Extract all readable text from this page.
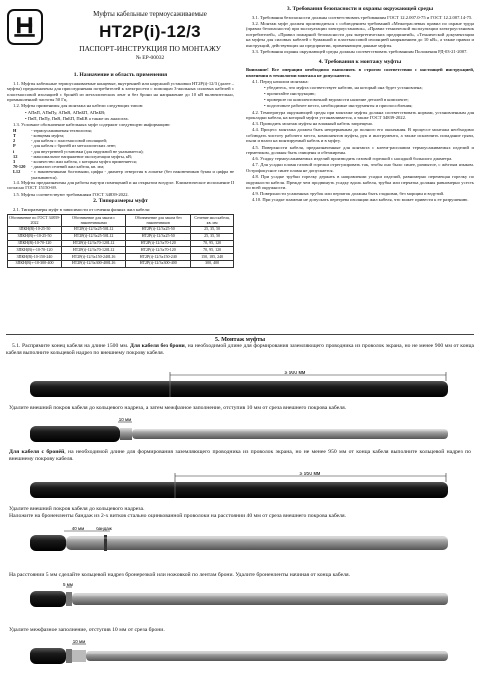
Муфты кабельные термоусаживаемые
НТ2Р(i)-12/3
ПАСПОРТ-ИНСТРУКЦИЯ ПО МОНТАЖУ
№ ЕР-00032
1. Назначение и область применения
1.1. Муфты кабельные термоусаживаемые концевые, внутренней или наружной установки НТ2Р(i)-12/3 (далее – муфты) предназначены для присоединения потребителей к электросети с помощью 3-жильных силовых кабелей с пластмассовой изоляцией с бронёй из металлических лент и без брони на напряжение до 10 кВ включительно, промышленной частоты 50 Гц.
1.2. Муфты применимы для монтажа на кабели следующих типов:
• АПвП, АПвПу, АПвВ, АПвБП, АПвБВ;
• ПвП, ПвПу, ПвВ, ПвБП, ПвБВ а также их аналогах.
1.3. Условное обозначение кабельных муфт содержит следующую информацию:
Н	- термоусаживаемая технология;
Т	- концевая муфта;
2	- для кабеля с пластмассовой изоляцией;
Р	- для кабеля с бронёй из металлических лент;
i	- для внутренней установки (для наружной не указывается);
12	- максимальное напряжение эксплуатации муфты, кВ;
3	- количество жил кабеля, с которым муфта применяется;
70-120	- диапазон сечений жил кабеля, кв. мм;
L12	- с наконечниками болтовыми, цифра - диаметр отверстия в лопатке (без наконечников буква и цифра не указываются).
1.4. Муфты предназначены для работы внутри помещений и на открытом воздухе. Климатическое исполнение II согласно ГОСТ 15150-69.
1.5. Муфты соответствуют требованиям ГОСТ 34839-2022.
2. Типоразмеры муфт
2.1. Типоразмеры муфт в зависимости от сечения фазных жил кабеля:
Обозначение по ГОСТ 34839-2022	Обозначение для заказа с наконечниками	Обозначение для заказа без наконечников	Сечение жил кабеля, кв. мм
3ПКН(В)-10-25-50	НТ2Р(i)-12/3х25-50L12	НТ2Р(i)-12/3х25-50	25, 35, 50
3ПКН(В)+-10-25-50	НТ2Р(i)-12/3х25-50L12	НТ2Р(i)-12/3х25-50	25, 35, 50
3ПКН(В)-10-70-120	НТ2Р(i)-12/3х70-120L12	НТ2Р(i)-12/3х70-120	70, 95, 120
3ПКН(В)+-10-70-120	НТ2Р(i)-12/3х70-120L12	НТ2Р(i)-12/3х70-120	70, 95, 120
3ПКН(В)-10-150-240	НТ2Р(i)-12/3х150-240L16	НТ2Р(i)-12/3х150-240	150, 185, 240
3ПКН(В)+-10-300-400	НТ2Р(i)-12/3х300-400L16	НТ2Р(i)-12/3х300-400	300, 400
3. Требования безопасности и охраны окружающей среды
3.1. Требования безопасности должны соответствовать требованиям ГОСТ 12.2.007.0-75 и ГОСТ 12.2.007.14-75.
3.2. Монтаж муфт должен производиться с соблюдением требований «Межотраслевых правил по охране труда (правил безопасности) при эксплуатации электроустановок», «Правил технической эксплуатации электроустановок потребителей», «Правил пожарной безопасности для энергетических предприятий», «Технической документации на муфты для силовых кабелей с бумажной и пластмассовой изоляцией напряжением до 10 кВ», а также правил и инструкций, действующих на предприятии, применяющем данные муфты.
3.3. Требования охраны окружающей среды должны соответствовать требованиям Положения РД-03-21-2007.
4. Требования к монтажу муфты
Внимание! Все операции необходимо выполнять в строгом соответствии с настоящей инструкцией, изменения в технологии монтажа не допускаются.
4.1. Перед началом монтажа:
• убедитесь, что муфта соответствует кабелю, на который она будет установлена;
• прочитайте инструкцию;
• проверьте по комплектовочной ведомости наличие деталей в комплекте;
• подготовьте рабочее место, необходимые инструменты и приспособления;
4.2. Температура окружающей среды при монтаже муфты должна соответствовать нормам, установленным для прокладки кабеля, на который муфта устанавливается, а также ГОСТ 34839-2022.
4.3. Проводить монтаж муфты на влажный кабель запрещено.
4.4. Процесс монтажа должен быть непрерывным до полного его окончания. В процессе монтажа необходимо соблюдать чистоту рабочего места, компонентов муфты, рук и инструмента, а также исключить попадание грязи, пыли и влаги на монтируемый кабель и в муфту.
4.5. Поверхности кабеля, предназначенные для контакта с клеем-расплавом термоусаживаемых изделий и герметиком, должны быть очищены и обезжирены.
4.6. Усадку термоусаживаемых изделий производить газовой горелкой с насадкой большого диаметра.
4.7. Для усадки пламя газовой горелки отрегулировать так, чтобы оно было синее, размытое, с жёлтым языком. Острофокусное синее пламя не допускается.
4.8. При усадке трубки горелку держать в направлении усадки изделий, равномерно перемещая горелку по окружности кабеля. Прежде чем продвинуть усадку вдоль кабеля, трубка или перчатка должны равномерно усесть по всей окружности.
4.9. Поверхности усаженных трубок или перчаток должны быть гладкими, без морщин и вздутий.
4.10. При усадке пламени не допускать перегрева изоляции жил кабеля, что может привести к ее разрушению.
5. Монтаж муфты
5.1. Распрямите конец кабеля на длине 1500 мм. Для кабеля без брони, на необходимой длине для формирования заземляющего проводника из проволок экрана, но не менее 900 мм от конца кабеля выполните кольцевой надрез по внешнему покрову кабеля.
≥ 900 мм
Удалите внешний покров кабеля до кольцевого надреза, а затем межфазное заполнение, отступив 10 мм от среза внешнего покрова кабеля.
10 мм
Для кабеля с бронёй, на необходимой длине для формирования заземляющего проводника из проволок экрана, но не менее 950 мм от конца кабеля выполните кольцевой надрез по внешнему покрову кабеля.
≥ 950 мм
Удалите внешний покров кабеля до кольцевого надреза.
Наложите на броненленты бандаж из 2-х витков стально оцинкованной проволоки на расстоянии 40 мм от среза внешнего покрова кабеля.
40 мм	бандаж
На расстоянии 5 мм сделайте кольцевой надрез бронерезкой или ножовкой по лентам брони. Удалите броненленты начиная от конца кабеля.
5 мм
Удалите межфазное заполнение, отступив 10 мм от среза брони.
10 мм
